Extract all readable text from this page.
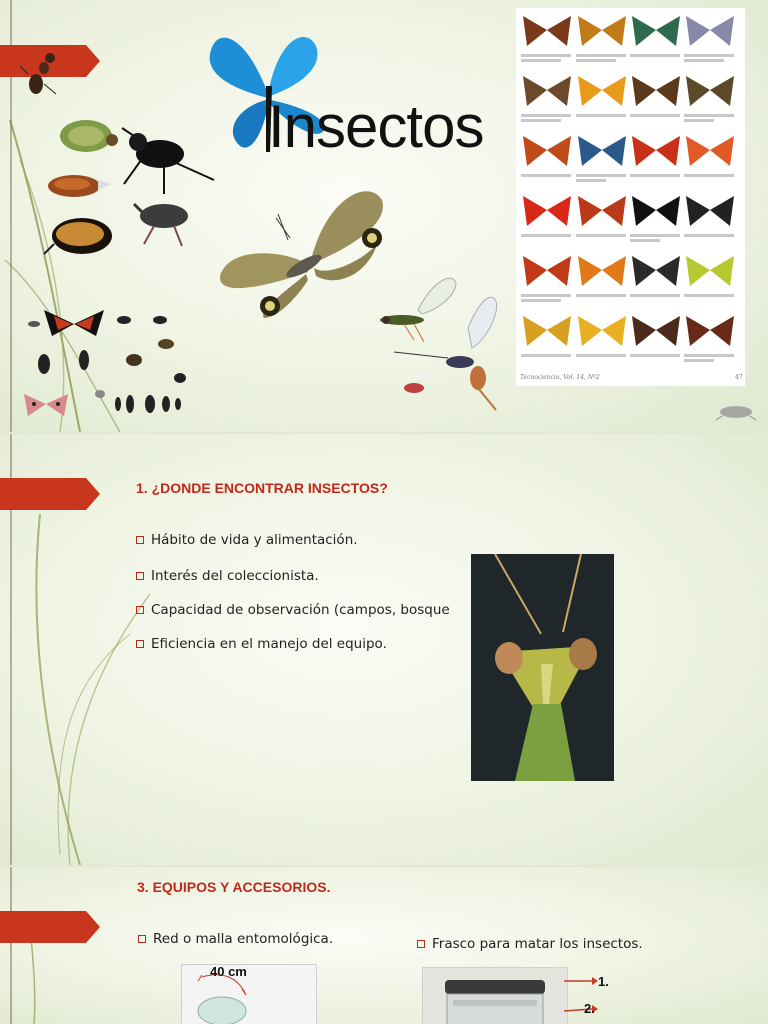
Insectos
Tecnociencia, Vol. 14, Nº2	47
1. ¿DONDE ENCONTRAR INSECTOS?
Hábito de vida y alimentación.
Interés del coleccionista.
Capacidad de observación (campos, bosque
Eficiencia en el manejo del equipo.
3. EQUIPOS Y ACCESORIOS.
Red o malla entomológica.	Frasco para matar los insectos.
40 cm
1.
2.
